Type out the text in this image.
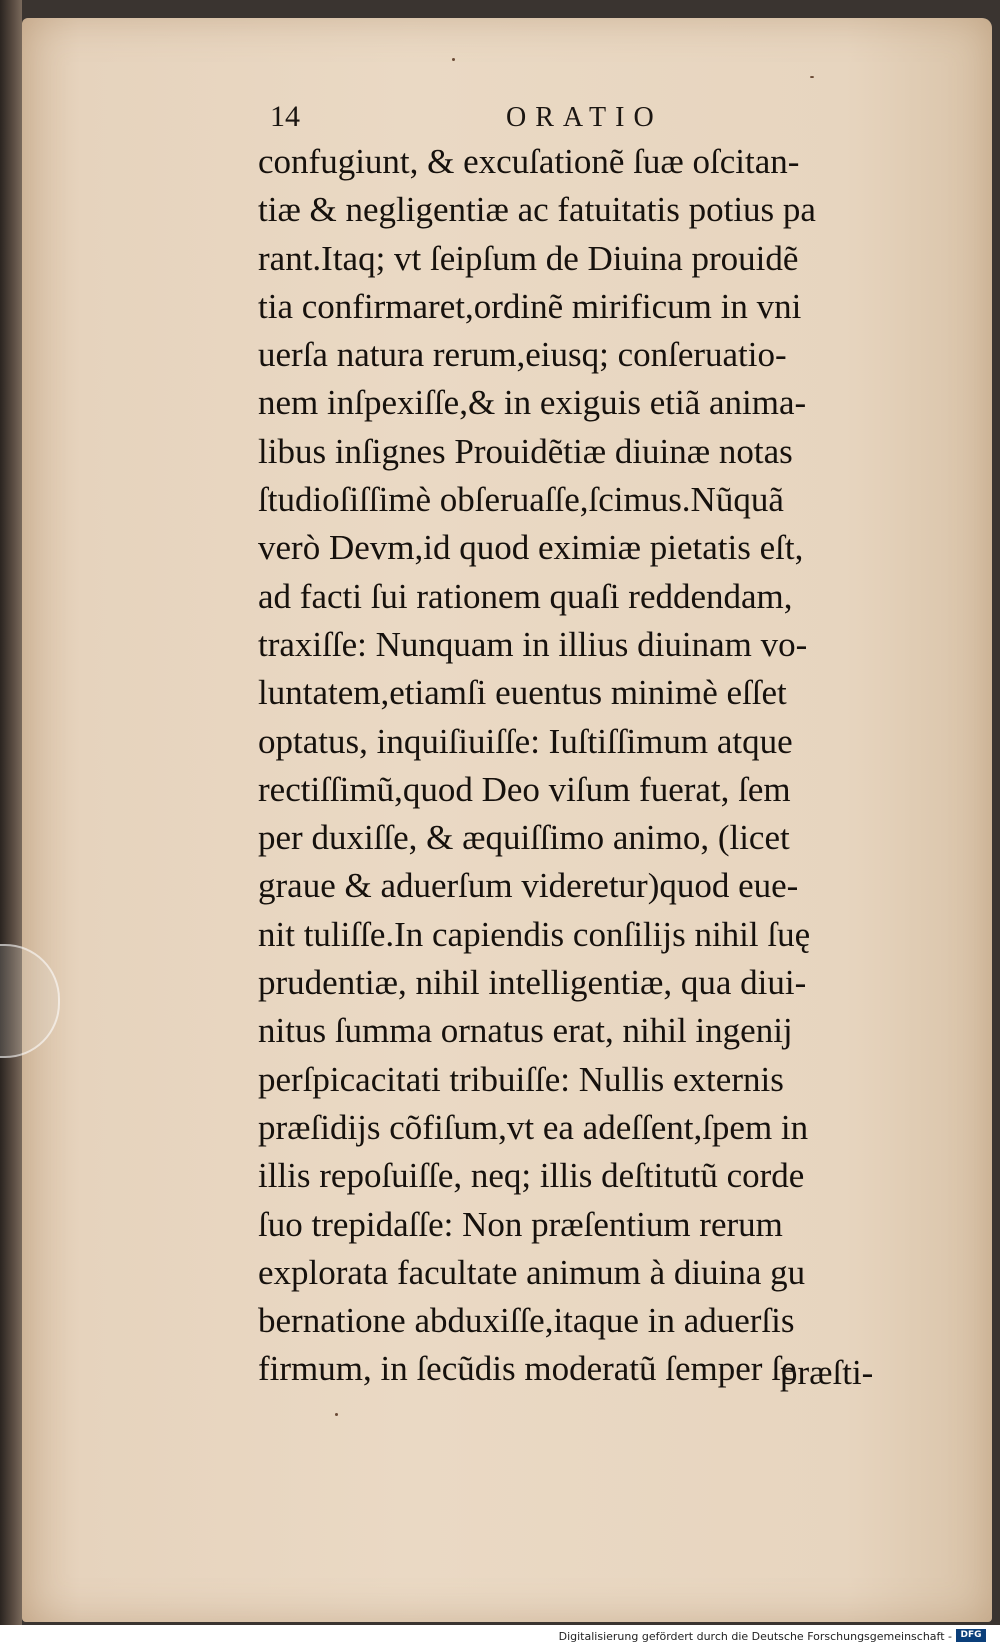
14	ORATIO
confugiunt, & excuſationẽ ſuæ oſcitan-
tiæ & negligentiæ ac fatuitatis potius pa
rant.Itaq; vt ſeipſum de Diuina prouidẽ
tia confirmaret,ordinẽ mirificum in vni
uerſa natura rerum,eiusq; conſeruatio-
nem inſpexiſſe,& in exiguis etiã anima-
libus inſignes Prouidẽtiæ diuinæ notas
ſtudioſiſſimè obſeruaſſe,ſcimus.Nũquã
verò Devm,id quod eximiæ pietatis eſt,
ad facti ſui rationem quaſi reddendam,
traxiſſe: Nunquam in illius diuinam vo-
luntatem,etiamſi euentus minimè eſſet
optatus, inquiſiuiſſe: Iuſtiſſimum atque
rectiſſimũ,quod Deo viſum fuerat, ſem
per duxiſſe, & æquiſſimo animo, (licet
graue & aduerſum videretur)quod eue-
nit tuliſſe.In capiendis conſilijs nihil ſuę
prudentiæ, nihil intelligentiæ, qua diui-
nitus ſumma ornatus erat, nihil ingenij
perſpicacitati tribuiſſe: Nullis externis
præſidijs cõfiſum,vt ea adeſſent,ſpem in
illis repoſuiſſe, neq; illis deſtitutũ corde
ſuo trepidaſſe: Non præſentium rerum
explorata facultate animum à diuina gu
bernatione abduxiſſe,itaque in aduerſis
firmum, in ſecũdis moderatũ ſemper ſe
præſti-
Digitalisierung gefördert durch die Deutsche Forschungsgemeinschaft - DFG
